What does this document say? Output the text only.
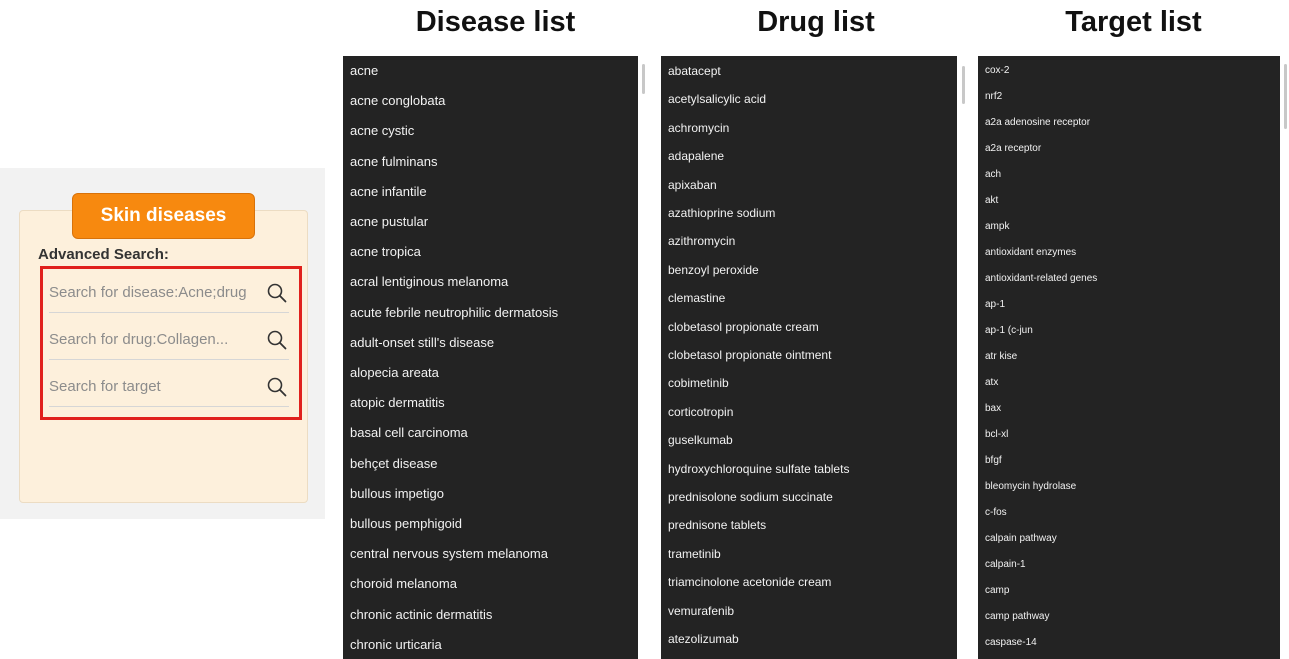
Skin diseases
Advanced Search:
Search for disease:Acne;drug
Search for drug:Collagen...
Search for target
Disease list
acne
acne conglobata
acne cystic
acne fulminans
acne infantile
acne pustular
acne tropica
acral lentiginous melanoma
acute febrile neutrophilic dermatosis
adult-onset still's disease
alopecia areata
atopic dermatitis
basal cell carcinoma
behçet disease
bullous impetigo
bullous pemphigoid
central nervous system melanoma
choroid melanoma
chronic actinic dermatitis
chronic urticaria
Drug list
abatacept
acetylsalicylic acid
achromycin
adapalene
apixaban
azathioprine sodium
azithromycin
benzoyl peroxide
clemastine
clobetasol propionate cream
clobetasol propionate ointment
cobimetinib
corticotropin
guselkumab
hydroxychloroquine sulfate tablets
prednisolone sodium succinate
prednisone tablets
trametinib
triamcinolone acetonide cream
vemurafenib
atezolizumab
Target list
cox-2
nrf2
a2a adenosine receptor
a2a receptor
ach
akt
ampk
antioxidant enzymes
antioxidant-related genes
ap-1
ap-1 (c-jun
atr kise
atx
bax
bcl-xl
bfgf
bleomycin hydrolase
c-fos
calpain pathway
calpain-1
camp
camp pathway
caspase-14
